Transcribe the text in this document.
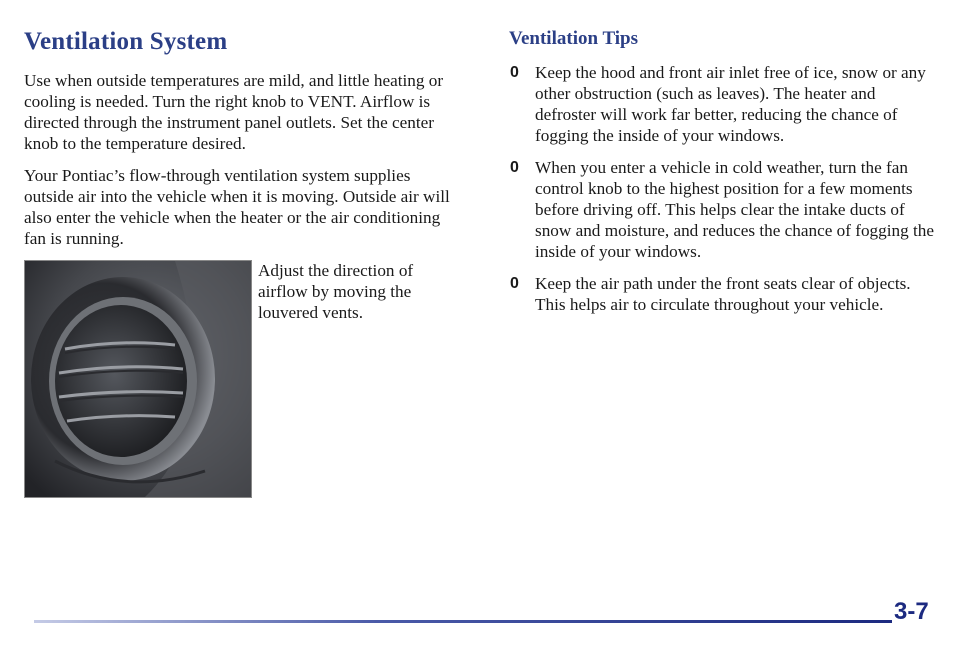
Ventilation System

Use when outside temperatures are mild, and little heating or cooling is needed. Turn the right knob to VENT. Airflow is directed through the instrument panel outlets. Set the center knob to the temperature desired.

Your Pontiac’s flow-through ventilation system supplies outside air into the vehicle when it is moving. Outside air will also enter the vehicle when the heater or the air conditioning fan is running.

Adjust the direction of airflow by moving the louvered vents.
Ventilation Tips
0 Keep the hood and front air inlet free of ice, snow or any other obstruction (such as leaves). The heater and defroster will work far better, reducing the chance of fogging the inside of your windows.
0 When you enter a vehicle in cold weather, turn the fan control knob to the highest position for a few moments before driving off. This helps clear the intake ducts of snow and moisture, and reduces the chance of fogging the inside of your windows.
0 Keep the air path under the front seats clear of objects. This helps air to circulate throughout your vehicle.
3-7
